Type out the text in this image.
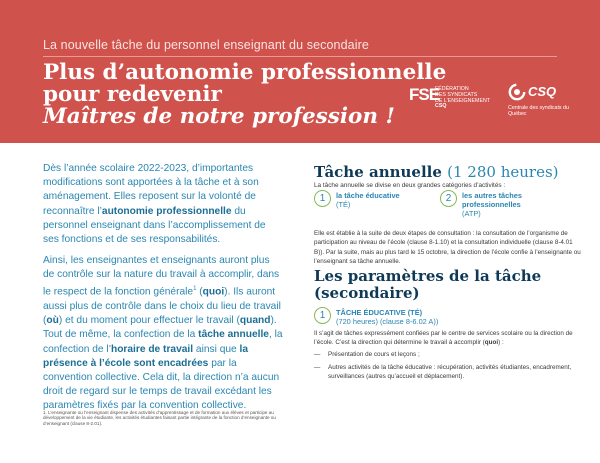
La nouvelle tâche du personnel enseignant du secondaire
Plus d’autonomie professionnelle
pour redevenir
Maîtres de notre profession !
FSE
FÉDÉRATION
DES SYNDICATS
DE L’ENSEIGNEMENT
CSQ
CSQ
Centrale des syndicats du Québec
Dès l’année scolaire 2022-2023, d’importantes modifications sont apportées à la tâche et à son aménagement. Elles reposent sur la volonté de reconnaître l’autonomie professionnelle du personnel enseignant dans l’accomplissement de ses fonctions et de ses responsabilités.
Ainsi, les enseignantes et enseignants auront plus de contrôle sur la nature du travail à accomplir, dans le respect de la fonction générale$^1$ (quoi). Ils auront aussi plus de contrôle dans le choix du lieu de travail (où) et du moment pour effectuer le travail (quand). Tout de même, la confection de la tâche annuelle, la confection de l’horaire de travail ainsi que la présence à l’école sont encadrées par la convention collective. Cela dit, la direction n’a aucun droit de regard sur le temps de travail excédant les paramètres fixés par la convention collective.
1. L’enseignante ou l’enseignant dispense des activités d’apprentissage et de formation aux élèves et participe au développement de la vie étudiante, les activités étudiantes faisant partie intégrante de la fonction d’enseignante ou d’enseignant (clause 8-2.01).
Tâche annuelle (1 280 heures)
La tâche annuelle se divise en deux grandes catégories d’activités :
1	la tâche éducative
(TÉ)
2	les autres tâches
professionnelles
(ATP)
Elle est établie à la suite de deux étapes de consultation : la consultation de l’organisme de participation au niveau de l’école (clause 8-1.10) et la consultation individuelle (clause 8-4.01 B)). Par la suite, mais au plus tard le 15 octobre, la direction de l’école confie à l’enseignante ou l’enseignant sa tâche annuelle.
Les paramètres de la tâche
(secondaire)
1	TÂCHE ÉDUCATIVE (TÉ)
(720 heures) (clause 8-6.02 A))
Il s’agit de tâches expressément confiées par le centre de services scolaire ou la direction de l’école. C’est la direction qui détermine le travail à accomplir (quoi) :
— Présentation de cours et leçons ;
— Autres activités de la tâche éducative : récupération, activités étudiantes, encadrement, surveillances (autres qu’accueil et déplacement).
